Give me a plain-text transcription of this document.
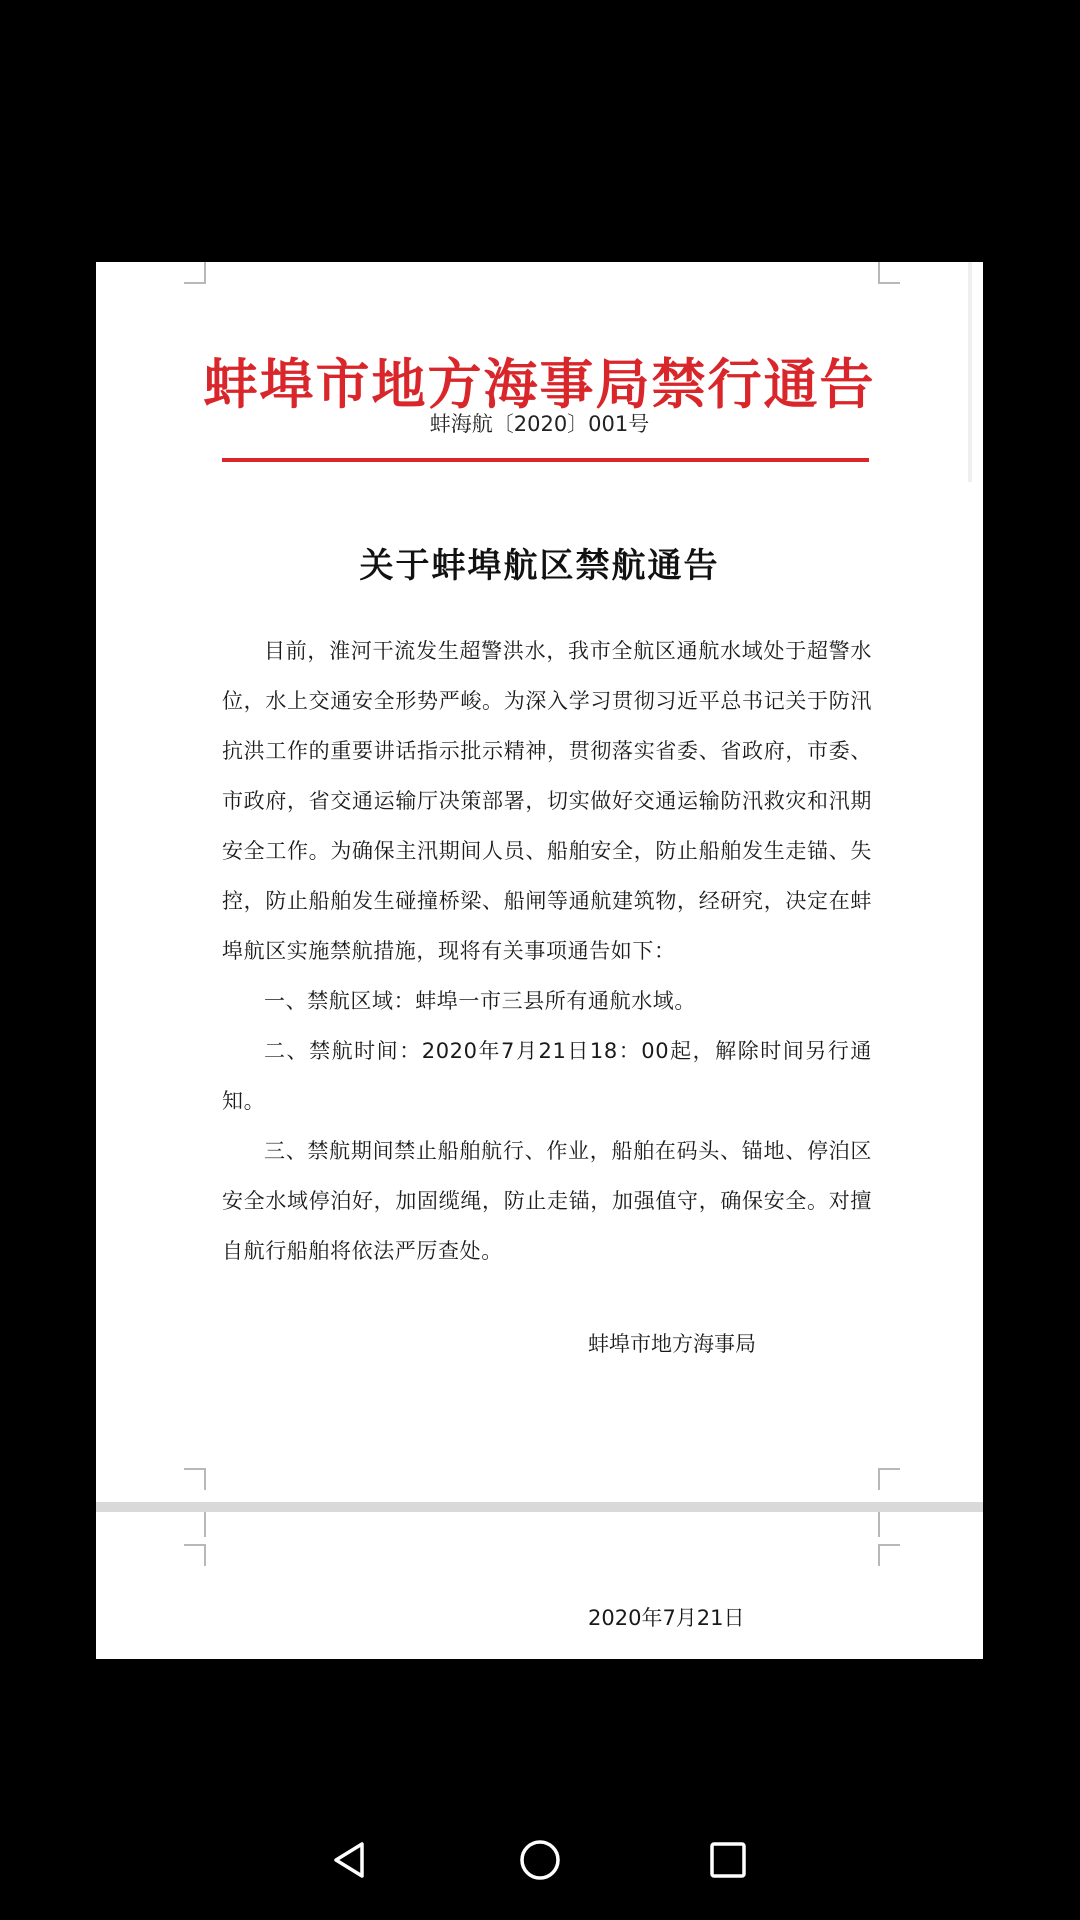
蚌埠市地方海事局禁行通告
蚌海航〔2020〕001号
关于蚌埠航区禁航通告

目前，淮河干流发生超警洪水，我市全航区通航水域处于超警水位，水上交通安全形势严峻。为深入学习贯彻习近平总书记关于防汛抗洪工作的重要讲话指示批示精神，贯彻落实省委、省政府，市委、市政府，省交通运输厅决策部署，切实做好交通运输防汛救灾和汛期安全工作。为确保主汛期间人员、船舶安全，防止船舶发生走锚、失控，防止船舶发生碰撞桥梁、船闸等通航建筑物，经研究，决定在蚌埠航区实施禁航措施，现将有关事项通告如下：

一、禁航区域：蚌埠一市三县所有通航水域。

二、禁航时间：2020年7月21日18：00起，解除时间另行通知。

三、禁航期间禁止船舶航行、作业，船舶在码头、锚地、停泊区安全水域停泊好，加固缆绳，防止走锚，加强值守，确保安全。对擅自航行船舶将依法严厉查处。

蚌埠市地方海事局
2020年7月21日
